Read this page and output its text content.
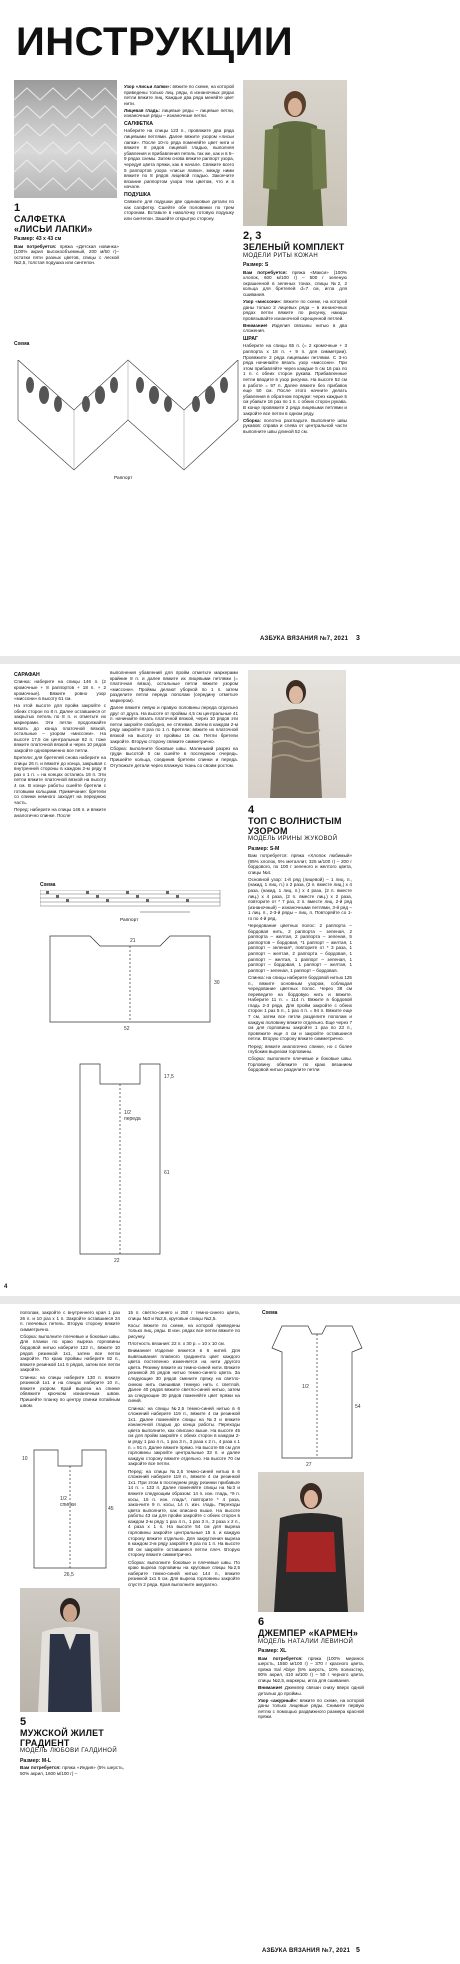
ИНСТРУКЦИИ
1
САЛФЕТКА
«ЛИСЬИ ЛАПКИ»
Размер: 43 х 43 см

Вам потребуется: пряжа «Детская новинка» (100% акрил высокообъемный, 200 м/50 г)– остатки пяти разных цветов, спицы с леской №2,5, толстая подушка или синтепон.

Узор «лисьи лапки»: вяжите по схеме, на которой приведены только лиц. ряды, в изнаночных рядах петли вяжите лиц. Каждые два ряда меняйте цвет нити.

Лицевая гладь: лицевые ряды – лицевые петли, изнаночные ряды – изнаночные петли.

САЛФЕТКА

Наберите на спицы 123 п., провяжите два ряда лицевыми петлями. Далее вяжите узором «лисьи лапки». После 10-го ряда поменяйте цвет нити и вяжите 8 рядов лицевой гладью, выполняя убавления и прибавления петель так же, как и в 5–9 рядах схемы. Затем снова вяжите раппорт узора, чередуя цвета пряжи, как в начале. Свяжите всего 5 раппортов узора «лисьи лапки», между ними вяжите по 8 рядов лицевой гладью. Закончите вязание раппортом узора тем цветом, что и в начале.

ПОДУШКА

Свяжите для подушки две одинаковые детали по как салфетку. Сшейте обе половинки по трем сторонам. Вставьте в наволочку готовую подушку или синтепон. Зашейте открытую сторону.

2, 3
ЗЕЛЕНЫЙ КОМПЛЕКТ
МОДЕЛИ РИТЫ КОЖАН
Размер: S

Вам потребуется: пряжа «Макси» (100% хлопок, 600 м/100 г) – 500 г зеленую окрашенной в зеленых тонах, спицы №2, 2 кольца для бретелей d=7 см, игла для сшивания.

Узор «миссони»: вяжите по схеме, на которой даны только 2 лицевых ряда – в изнаночных рядах петли вяжите по рисунку, накиды провязывайте изнаночной скрещенной петлей.

Внимание! Изделия связаны нитью в два сложения.

ШРАГ

Наберите на спицы 65 п. (= 2 кромочные + 3 раппорта х 18 п. + 9 п. для симметрии). Провяжите 2 ряда лицевыми петлями. С 3-го ряда начинайте вязать узор «миссони». При этом прибавляйте через каждые 5 см 16 раз по 1 п. с обеих сторон рукава. Прибавленные петли вводите в узор рисунка. На высоте 52 см в работе = 97 п. Далее вяжите без прибавок еще 50 см. После этого начните делать убавления в обратном порядке: через каждые 5 см убавьте 16 раз по 1 п. с обеих сторон рукава. В конце провяжите 2 ряда лицевыми петлями и закройте все петли в одном ряду.

Сборка: полотно разгладьте. Выполните швы рукавов: справа и слева от центральной части выполните швы длиной 52 см.

Схема
Раппорт
АЗБУКА ВЯЗАНИЯ №7, 2021 3
САРАФАН

Спинка: наберите на спицы 146 п. (2 кромочные + 8 раппортов + 18 п. + 2 кромочные). Вяжите ровно узор «миссони» в высоту 61 см.

На этой высоте для пройм закройте с обеих сторон по 8 п. Далее оставшиеся от закрытых петель по 8 п. и отметьте их маркерами. Эти петли продолжайте вязать до конца платочной вязкой, остальные – узором «миссони». На высоте 17,5 см центральные 82 п. тоже вяжите платочной вязкой и через 10 рядов закройте одновременно все петли.

Бретели: для бретелей снова наберите на спицы 26 п. и вяжите до конца, закрывая с внутренней стороны в каждом 2-м ряду 8 раз х 1 п. = на концах остались 16 п. Эти петли вяжите платочной вязкой на высоту 4 см. В конце работы сшейте бретели с готовыми кольцами. Примечание: бретели со спинки немного заходят на переднюю часть.

Перед: наберите на спицы 146 п. и вяжите аналогично спинке. После

выполнения убавлений для пройм отметьте маркерами крайние 8 п. и далее вяжите их лицевыми петлями (= платочная вязка), остальные петли вяжите узором «миссони». Проймы делают уборкой по 1 п. затем разделите петли переда пополам (середину отметьте маркером).

Далее вяжите левую и правую половины переда отдельно друг от друга. На высоте от проймы 4,5 см центральные 41 п. начинайте вязать платочной вязкой, через 10 рядов эти петли закройте свободно, не стягивая. Затем в каждом 2-м ряду закройте 8 раз по 1 п. Бретели: вяжите их платочной вязкой на высоту от проймы 16 см. Петли бретели закройте. Вторую сторону свяжите симметрично.

Сборка: выполните боковые швы. Маленький разрез на груди высотой 5 см сшейте в последнюю очередь. Пришейте кольца, соединив бретели спинки и переда. Отутюжьте детали через влажную ткань со своим ростом.

4
ТОП С ВОЛНИСТЫМ
УЗОРОМ
МОДЕЛЬ ИРИНЫ ЖУКОВОЙ
Размер: S-M

Вам потребуется: пряжа «Хлопок любимый» (95% хлопок, 5% металлит, 325 м/100 г) – 200 г бордового, по 100 г зеленого и желтого цвета, спицы №4.

Основной узор: 1-й ряд (лицевой) – 1 лиц. п., (накид, 1 лиц. п.) х 2 раза, (2 п. вместе лиц.) х 4 раза, (накид, 1 лиц. п.) х 4 раза, (2 п. вместе лиц.) х 4 раза, (2 п. вместе лиц.) х 2 раза, повторите от * 7 раз, 2 п. вместе лиц. 2-й ряд (изнаночный) – изнаночными петлями, 3-й ряд – 1 лиц. п., 2-3-й ряды – лиц. п. Повторяйте со 1-го по 4-й ряд.

Чередование цветных полос: 2 раппорта – бордовая нить, 2 раппорта – зеленая, 2 раппорта – желтая, 2 раппорта – зеленая, 5 раппортов – бордовая, *1 раппорт – желтая, 1 раппорт – зеленая*, повторите от * 3 раза, 1 раппорт – желтая, 2 раппорта – бордовая, 1 раппорт – желтая, 1 раппорт – зеленая, 1 раппорт – бордовая, 1 раппорт – желтая, 1 раппорт – зеленая, 1 раппорт – бордовая.

Спинка: на спицы наберите бордовой нитью 125 п., вяжите основным узором, соблюдая чередование цветных полос. Через 38 см переведите на бордовую нить и вяжите. Наберите 11 п. = 114 п. Вяжите в бордовой гладь 2-3 ряда. Для пройм закройте с обеих сторон 1 раз 5 п., 1 раз 4 п. = 94 п. Вяжите еще 7 см, затем все петли разделите пополам и каждую половину вяжите отдельно. Еще через 7 см для горловины закройте 1 раз по 23 п., провяжите еще 4 см и закройте оставшиеся петли. Вторую сторону вяжите симметрично.

Перед: вяжите аналогично спинке, но с более глубоким вырезом горловины.

Сборка: выполните плечевые и боковые швы. Горловину обвяжите по краю вязанием бордовой нитью разделите петли

Схема
Раппорт
52
30
21
1/2
переда
61
22
17,5
4

пополам, закройте с внутреннего края 1 раз 26 п. и 10 раз х 1 п. Закройте оставшиеся 24 п. плечевых петель. Вторую сторону вяжите симметрично.

Сборка: выполните плечевые и боковые швы. Для планки по краю выреза горловины бордовой нитью наберите 122 п., вяжите 10 рядов резинкой 1х1, затем все петли закройте. По краю проймы наберите 82 п., вяжите резинкой 1х1 6 рядов, затем все петли закройте.

Спинка: на спицы наберите 130 п. вяжите резинкой 1х1 и на спицах наберите 10 п., вяжите узором. Край выреза на спинке обвяжите крючком изнаночным швом. Пришейте планку по центру спинки потайным швом.

1/2
спинки
45
26,5
10
5
МУЖСКОЙ ЖИЛЕТ
ГРАДИЕНТ
МОДЕЛЬ ЛЮБОВИ ГАЛДИНОЙ
Размер: М-L

Вам потребуется: пряжа «Индия» (5% шерсть, 50% акрил, 1600 м/100 г) –

15 п. светло-синего и 250 г темно-синего цвета, спицы №3 и №2,5, круговые спицы №2,5.

Косы: вяжите по схеме, на которой приведены только лиц. ряды. В изн. рядах все петли вяжите по рисунку.

Плотность вязания: 22 п. х 30 р. = 10 х 10 см.

Внимание! Изделие вяжется в 6 нитей. Для вывязывания плавного градиента цвет каждого цвета постепенно изменяется на нити другого цвета. Резинку вяжите из темно-синей нити. Вяжите резинкой 26 рядов нитью темно-синего цвета. За следующие 30 рядов смените пряжу на светло-синюю нить смешивая темную нить с светлой. Далее 40 рядов вяжите светло-синей нитью, затем за следующие 30 рядов поменяйте цвет пряжи на синий.

Спинка: на спицы №2,5 темно-синей нитью в 6 сложений наберите 119 п., вяжите 4 см резинкой 1х1. Далее поменяйте спицы на №3 и вяжите изнаночной гладью до конца работы. Переходы цвета выполните, как описано выше. На высоте 45 см для пройм закройте с обеих сторон в каждом 2-м ряду 1 раз 4 п., 1 раз 3 п., 3 раза х 2 п., 4 раза х 1 п. = 91 п. Далее вяжите прямо. На высоте 68 см для горловины закройте центральные 33 п. и далее каждую сторону вяжите отдельно. На высоте 70 см закройте все петли.

Перед: на спицы №2,5 темно-синей нитью в 6 сложений наберите 119 п., вяжите 4 см резинкой 1х1. При этом в последнем ряду резинки прибавьте 14 п. = 133 п. Далее поменяйте спицы на №3 и вяжите следующим образом: 14 п. изн. гладь, *9 п. косы, 15 п. изн. гладь*, повторите * 4 раза, закончите 9 п. косы, 14 п. изн. гладь. Переходы цвета выполните, как описано выше. На высоте работы 43 см для пройм закройте с обеих сторон в каждом 2-м ряду 1 раз 4 п., 1 раз 3 п., 3 раза х 2 п., 4 раза х 1 п. На высоте 54 см для выреза горловины закройте центральные 15 п. и каждую сторону вяжите отдельно. Для закругления выреза в каждом 2-м ряду закройте 9 раз по 1 п. На высоте 68 см закройте оставшиеся петли плеч. Вторую сторону вяжите симметрично.

Сборка: выполните боковые и плечевые швы. По краю выреза горловины на круговые спицы №2,5 наберите темно-синей нитью 144 п., вяжите резинкой 1х1 5 см. Для выреза горловины закройте спустя 2 ряда. Края выполните аккуратно.

Схема
27
54
1/2
6
ДЖЕМПЕР «КАРМЕН»
МОДЕЛЬ НАТАЛИИ ЛЕВИНОЙ
Размер: XL

Вам потребуется: пряжа (100% меринос шерсть, 1550 м/100 г) – 370 г красного цвета, пряжа Sal Abiye (5% шерсть, 10% полиэстер, 80% акрил, 410 м/100 г) – 50 г черного цвета, спицы №2,5, маркеры, игла для сшивания.

Внимание! Джемпер связан снизу вверх одной деталью до проймы.

Узор «ажурный»: вяжите по схеме, на которой даны только лицевые ряды. Снимите первую петлю с помощью раздвижного размера красной пряжи.

АЗБУКА ВЯЗАНИЯ №7, 2021 5
